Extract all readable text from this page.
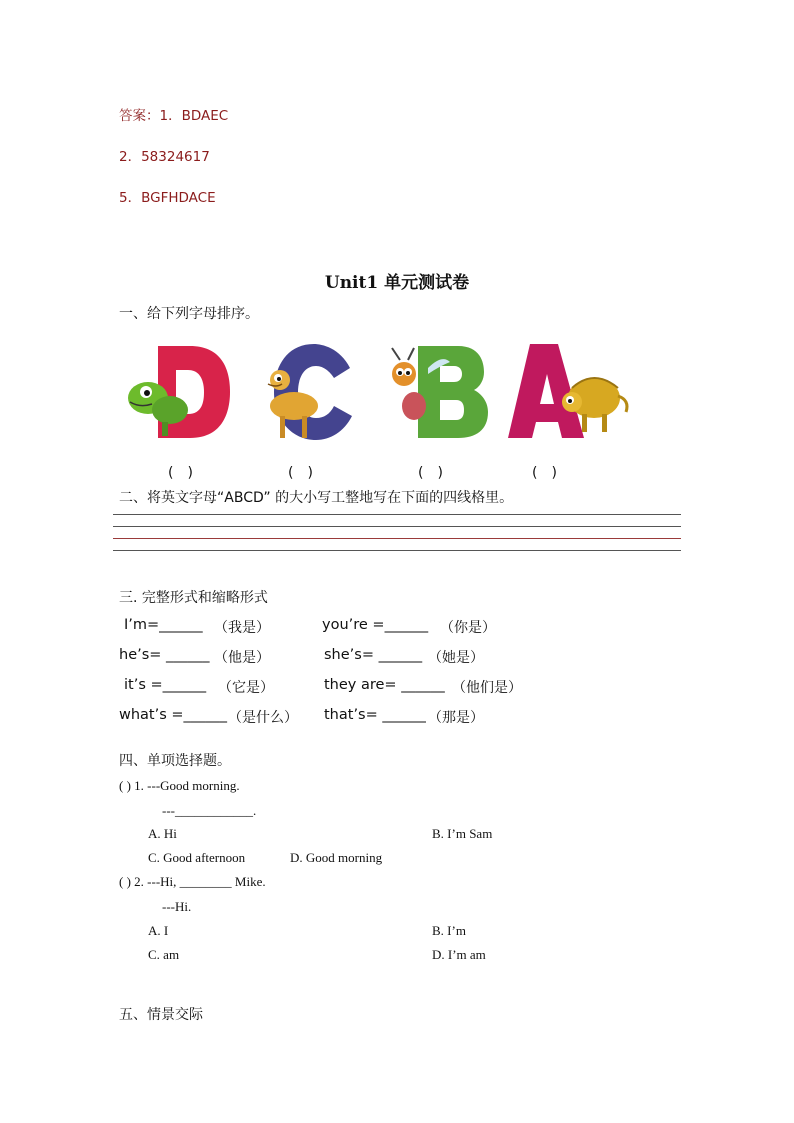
答案：1．BDAEC
2．58324617
5．BGFHDACE
Unit1 单元测试卷
一、给下列字母排序。
(　)	(　)	(　)	(　)
二、将英文字母“ABCD” 的大小写工整地写在下面的四线格里。
三. 完整形式和缩略形式
I’m=______ （我是）	you’re =______ （你是）
he’s= ______ （他是）	she’s= ______ （她是）
it’s =______ （它是）	they are= ______ （他们是）
what’s =______ （是什么） that’s= ______ （那是）
四、单项选择题。
( ) 1. ---Good morning.
---____________.
A. Hi	B. I’m Sam
C. Good afternoon	D. Good morning
( ) 2. ---Hi, ________ Mike.
---Hi.
A. I	B. I’m
C. am	D. I’m am
五、情景交际
